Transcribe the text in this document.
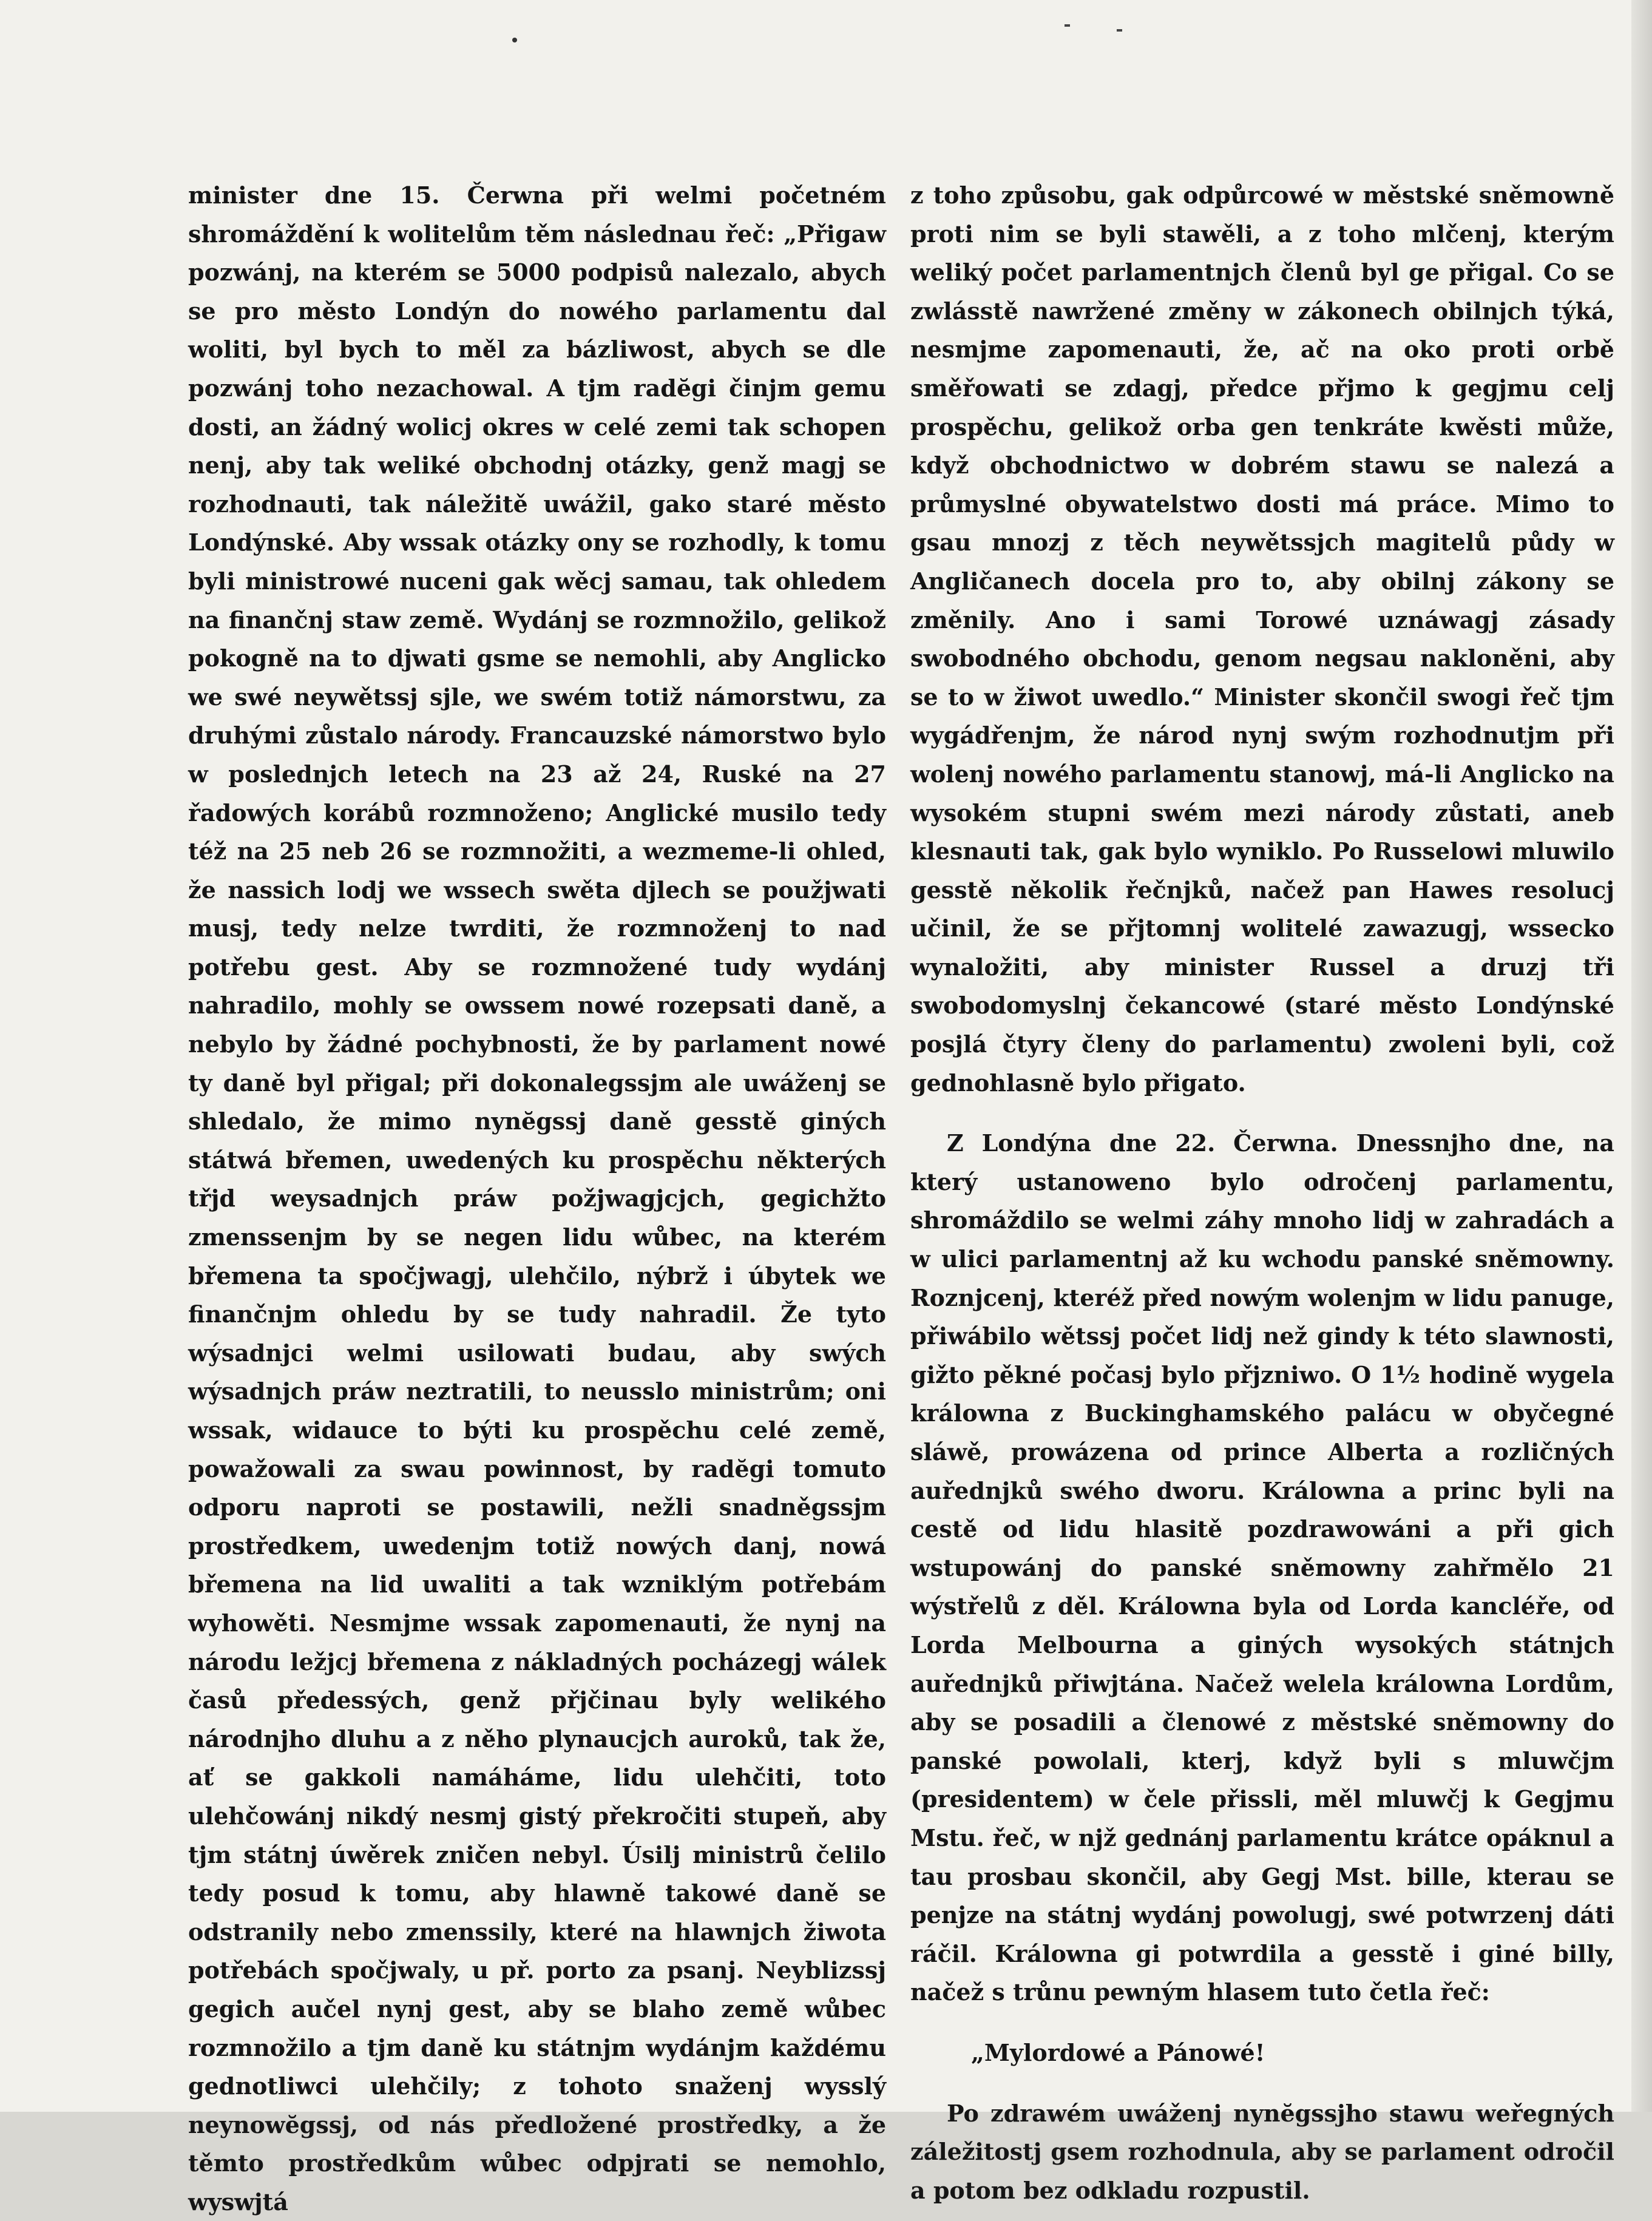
minister dne 15. Čerwna při welmi početném shromáždění k wolitelům těm následnau řeč: „Přigaw pozwánj, na kterém se 5000 podpisů nalezalo, abych se pro město Londýn do nowého parlamentu dal woliti, byl bych to měl za bázliwost, abych se dle pozwánj toho nezachowal. A tjm radĕgi činjm gemu dosti, an žádný wolicj okres w celé zemi tak schopen nenj, aby tak weliké obchodnj otázky, genž magj se rozhodnauti, tak náležitě uwážil, gako staré město Londýnské. Aby wssak otázky ony se rozhodly, k tomu byli ministrowé nuceni gak wěcj samau, tak ohledem na finančnj staw země. Wydánj se rozmnožilo, gelikož pokogně na to djwati gsme se nemohli, aby Anglicko we swé neywětssj sjle, we swém totiž námorstwu, za druhými zůstalo národy. Francauzské námorstwo bylo w poslednjch letech na 23 až 24, Ruské na 27 řadowých korábů rozmnoženo; Anglické musilo tedy též na 25 neb 26 se rozmnožiti, a wezmeme-li ohled, že nassich lodj we wssech swěta djlech se použjwati musj, tedy nelze twrditi, že rozmnoženj to nad potřebu gest. Aby se rozmnožené tudy wydánj nahradilo, mohly se owssem nowé rozepsati daně, a nebylo by žádné pochybnosti, že by parlament nowé ty daně byl přigal; při dokonalegssjm ale uwáženj se shledalo, že mimo nynĕgssj daně gesstě giných státwá břemen, uwedených ku prospěchu některých třjd weysadnjch práw požjwagjcjch, gegichžto zmenssenjm by se negen lidu wůbec, na kterém břemena ta spočjwagj, ulehčilo, nýbrž i úbytek we finančnjm ohledu by se tudy nahradil. Že tyto wýsadnjci welmi usilowati budau, aby swých wýsadnjch práw neztratili, to neusslo ministrům; oni wssak, widauce to býti ku prospěchu celé země, powažowali za swau powinnost, by radĕgi tomuto odporu naproti se postawili, nežli snadněgssjm prostředkem, uwedenjm totiž nowých danj, nowá břemena na lid uwaliti a tak wzniklým potřebám wyhowěti. Nesmjme wssak zapomenauti, že nynj na národu ležjcj břemena z nákladných pocházegj wálek časů předessých, genž přjčinau byly welikého národnjho dluhu a z něho plynaucjch auroků, tak že, ať se gakkoli namáháme, lidu ulehčiti, toto ulehčowánj nikdý nesmj gistý překročiti stupeň, aby tjm státnj úwěrek zničen nebyl. Úsilj ministrů čelilo tedy posud k tomu, aby hlawně takowé daně se odstranily nebo zmenssily, které na hlawnjch žiwota potřebách spočjwaly, u př. porto za psanj. Neyblizssj gegich aučel nynj gest, aby se blaho země wůbec rozmnožilo a tjm daně ku státnjm wydánjm každému gednotliwci ulehčily; z tohoto snaženj wysslý neynowĕgssj, od nás předložené prostředky, a že těmto prostředkům wůbec odpjrati se nemohlo, wyswjtá

z toho způsobu, gak odpůrcowé w městské sněmowně proti nim se byli stawěli, a z toho mlčenj, kterým weliký počet parlamentnjch členů byl ge přigal. Co se zwlásstě nawržené změny w zákonech obilnjch týká, nesmjme zapomenauti, že, ač na oko proti orbě směřowati se zdagj, předce přjmo k gegjmu celj prospěchu, gelikož orba gen tenkráte kwěsti může, když obchodnictwo w dobrém stawu se nalezá a průmyslné obywatelstwo dosti má práce. Mimo to gsau mnozj z těch neywětssjch magitelů půdy w Angličanech docela pro to, aby obilnj zákony se změnily. Ano i sami Torowé uznáwagj zásady swobodného obchodu, genom negsau nakloněni, aby se to w žiwot uwedlo.“ Minister skončil swogi řeč tjm wygádřenjm, že národ nynj swým rozhodnutjm při wolenj nowého parlamentu stanowj, má-li Anglicko na wysokém stupni swém mezi národy zůstati, aneb klesnauti tak, gak bylo wyniklo. Po Russelowi mluwilo gesstě několik řečnjků, načež pan Hawes resolucj učinil, že se přjtomnj wolitelé zawazugj, wssecko wynaložiti, aby minister Russel a druzj tři swobodomyslnj čekancowé (staré město Londýnské posjlá čtyry členy do parlamentu) zwoleni byli, což gednohlasně bylo přigato.

Z Londýna dne 22. Čerwna. Dnessnjho dne, na který ustanoweno bylo odročenj parlamentu, shromáždilo se welmi záhy mnoho lidj w zahradách a w ulici parlamentnj až ku wchodu panské sněmowny. Roznjcenj, kteréž před nowým wolenjm w lidu panuge, přiwábilo wětssj počet lidj než gindy k této slawnosti, gižto pěkné počasj bylo přjzniwo. O 1½ hodině wygela králowna z Buckinghamského palácu w obyčegné sláwě, prowázena od prince Alberta a rozličných auřednjků swého dworu. Králowna a princ byli na cestě od lidu hlasitě pozdrawowáni a při gich wstupowánj do panské sněmowny zahřmělo 21 wýstřelů z děl. Králowna byla od Lorda kancléře, od Lorda Melbourna a giných wysokých státnjch auřednjků přiwjtána. Načež welela králowna Lordům, aby se posadili a členowé z městské sněmowny do panské powolali, kterj, když byli s mluwčjm (presidentem) w čele přissli, měl mluwčj k Gegjmu Mstu. řeč, w njž gednánj parlamentu krátce opáknul a tau prosbau skončil, aby Gegj Mst. bille, kterau se penjze na státnj wydánj powolugj, swé potwrzenj dáti ráčil. Králowna gi potwrdila a gesstě i giné billy, načež s trůnu pewným hlasem tuto četla řeč:

„Mylordowé a Pánowé!

Po zdrawém uwáženj nynĕgssjho stawu weřegných záležitostj gsem rozhodnula, aby se parlament odročil a potom bez odkladu rozpustil.
